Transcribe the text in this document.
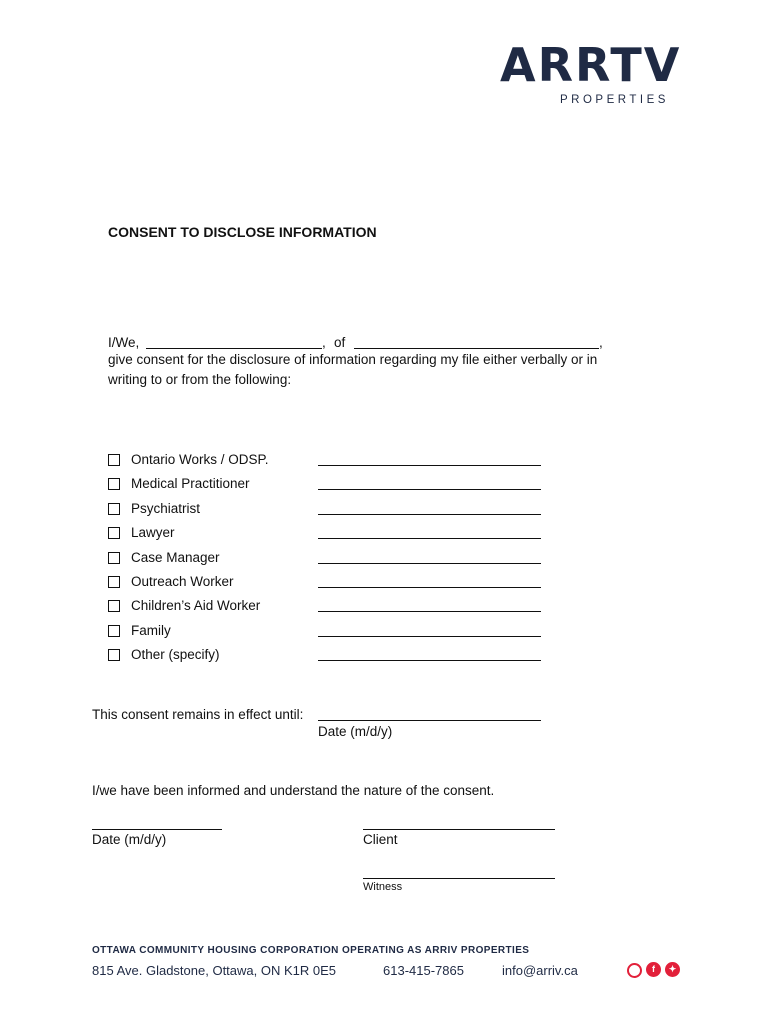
ARRTV
PROPERTIES
CONSENT TO DISCLOSE INFORMATION
I/We,	, of	,
give consent for the disclosure of information regarding my file either verbally or in
writing to or from the following:
Ontario Works / ODSP.
Medical Practitioner
Psychiatrist
Lawyer
Case Manager
Outreach Worker
Children’s Aid Worker
Family
Other (specify)
This consent remains in effect until:
Date (m/d/y)
I/we have been informed and understand the nature of the consent.
Date (m/d/y)	Client
Witness
OTTAWA COMMUNITY HOUSING CORPORATION OPERATING AS ARRIV PROPERTIES
815 Ave. Gladstone, Ottawa, ON K1R 0E5	613-415-7865	info@arriv.ca	f	✦
